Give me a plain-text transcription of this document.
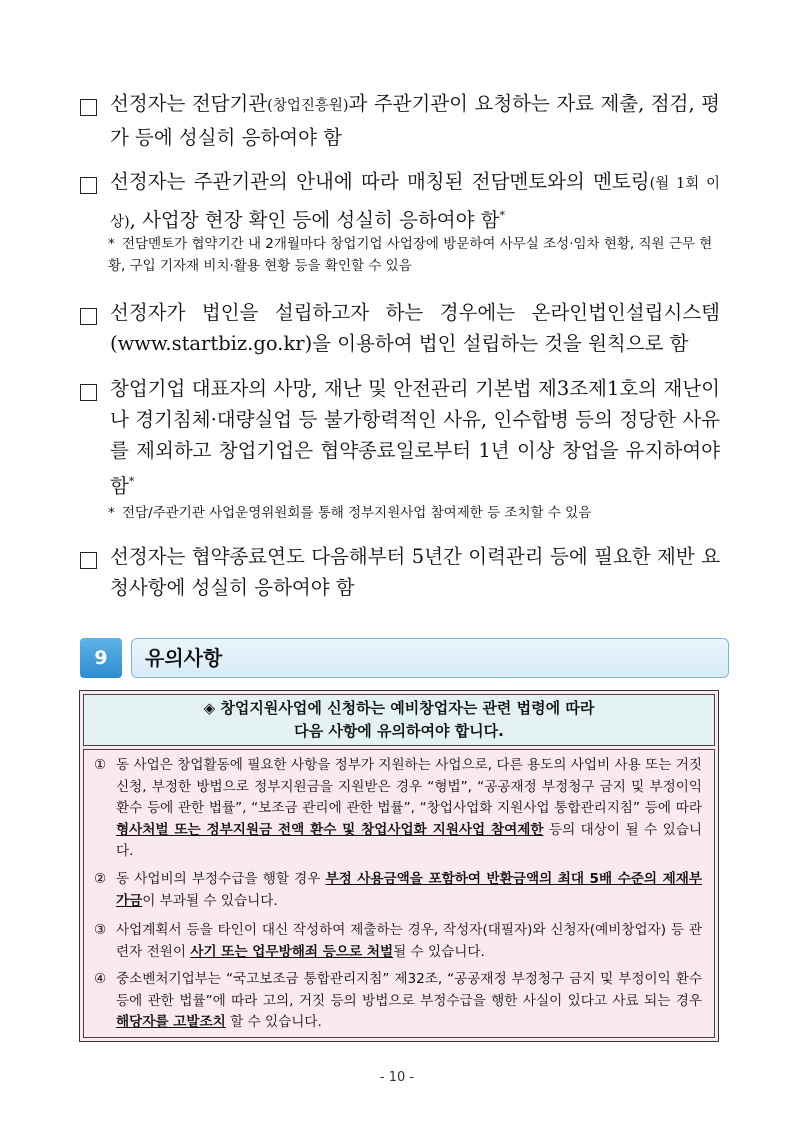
선정자는 전담기관(창업진흥원)과 주관기관이 요청하는 자료 제출, 점검, 평가 등에 성실히 응하여야 함
선정자는 주관기관의 안내에 따라 매칭된 전담멘토와의 멘토링(월 1회 이상), 사업장 현장 확인 등에 성실히 응하여야 함*
* 전담멘토가 협약기간 내 2개월마다 창업기업 사업장에 방문하여 사무실 조성·임차 현황, 직원 근무 현황, 구입 기자재 비치·활용 현황 등을 확인할 수 있음
선정자가 법인을 설립하고자 하는 경우에는 온라인법인설립시스템 (www.startbiz.go.kr)을 이용하여 법인 설립하는 것을 원칙으로 함
창업기업 대표자의 사망, 재난 및 안전관리 기본법 제3조제1호의 재난이나 경기침체·대량실업 등 불가항력적인 사유, 인수합병 등의 정당한 사유를 제외하고 창업기업은 협약종료일로부터 1년 이상 창업을 유지하여야 함*
* 전담/주관기관 사업운영위원회를 통해 정부지원사업 참여제한 등 조치할 수 있음
선정자는 협약종료연도 다음해부터 5년간 이력관리 등에 필요한 제반 요청사항에 성실히 응하여야 함
9	유의사항
◈ 창업지원사업에 신청하는 예비창업자는 관련 법령에 따라
다음 사항에 유의하여야 합니다.
① 동 사업은 창업활동에 필요한 사항을 정부가 지원하는 사업으로, 다른 용도의 사업비 사용 또는 거짓신청, 부정한 방법으로 정부지원금을 지원받은 경우 “형법”, “공공재정 부정청구 금지 및 부정이익 환수 등에 관한 법률”, “보조금 관리에 관한 법률”, “창업사업화 지원사업 통합관리지침” 등에 따라 형사처벌 또는 정부지원금 전액 환수 및 창업사업화 지원사업 참여제한 등의 대상이 될 수 있습니다.
② 동 사업비의 부정수급을 행할 경우 부정 사용금액을 포함하여 반환금액의 최대 5배 수준의 제재부가금이 부과될 수 있습니다.
③ 사업계획서 등을 타인이 대신 작성하여 제출하는 경우, 작성자(대필자)와 신청자(예비창업자) 등 관련자 전원이 사기 또는 업무방해죄 등으로 처벌될 수 있습니다.
④ 중소벤처기업부는 “국고보조금 통합관리지침” 제32조, “공공재정 부정청구 금지 및 부정이익 환수 등에 관한 법률”에 따라 고의, 거짓 등의 방법으로 부정수급을 행한 사실이 있다고 사료 되는 경우 해당자를 고발조치 할 수 있습니다.
- 10 -
